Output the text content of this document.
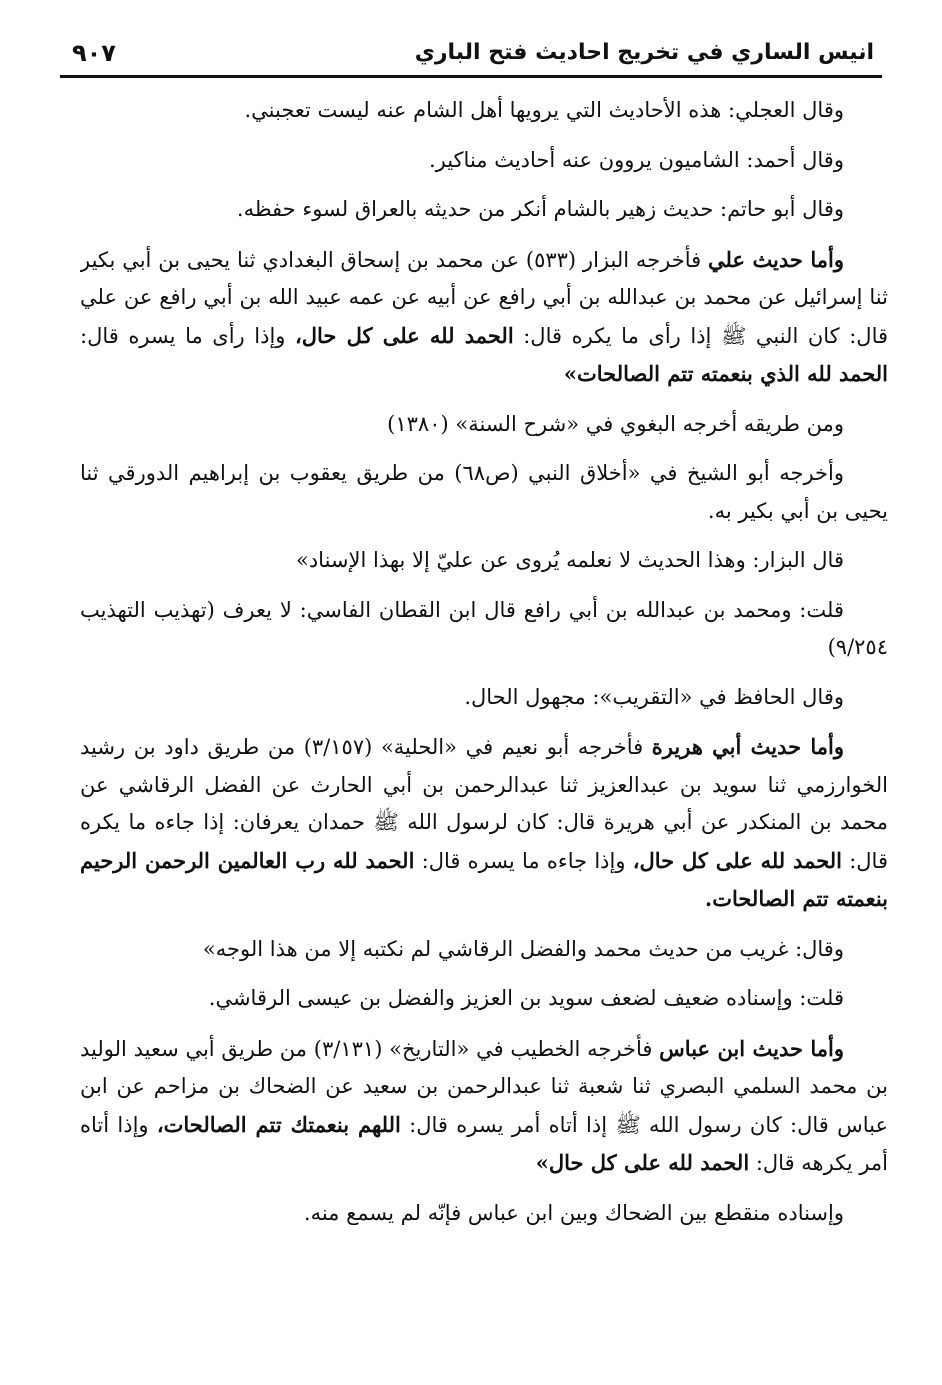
انيس الساري في تخريج احاديث فتح الباري
٩٠٧

وقال العجلي: هذه الأحاديث التي يرويها أهل الشام عنه ليست تعجبني.

وقال أحمد: الشاميون يروون عنه أحاديث مناكير.

وقال أبو حاتم: حديث زهير بالشام أنكر من حديثه بالعراق لسوء حفظه.

وأما حديث علي فأخرجه البزار (٥٣٣) عن محمد بن إسحاق البغدادي ثنا يحيى بن أبي بكير ثنا إسرائيل عن محمد بن عبدالله بن أبي رافع عن أبيه عن عمه عبيد الله بن أبي رافع عن علي قال: كان النبي ﷺ إذا رأى ما يكره قال: الحمد لله على كل حال، وإذا رأى ما يسره قال: الحمد لله الذي بنعمته تتم الصالحات»

ومن طريقه أخرجه البغوي في «شرح السنة» (١٣٨٠)

وأخرجه أبو الشيخ في «أخلاق النبي (ص٦٨) من طريق يعقوب بن إبراهيم الدورقي ثنا يحيى بن أبي بكير به.

قال البزار: وهذا الحديث لا نعلمه يُروى عن عليّ إلا بهذا الإسناد»

قلت: ومحمد بن عبدالله بن أبي رافع قال ابن القطان الفاسي: لا يعرف (تهذيب التهذيب ٩/٢٥٤)

وقال الحافظ في «التقريب»: مجهول الحال.

وأما حديث أبي هريرة فأخرجه أبو نعيم في «الحلية» (٣/١٥٧) من طريق داود بن رشيد الخوارزمي ثنا سويد بن عبدالعزيز ثنا عبدالرحمن بن أبي الحارث عن الفضل الرقاشي عن محمد بن المنكدر عن أبي هريرة قال: كان لرسول الله ﷺ حمدان يعرفان: إذا جاءه ما يكره قال: الحمد لله على كل حال، وإذا جاءه ما يسره قال: الحمد لله رب العالمين الرحمن الرحيم بنعمته تتم الصالحات.

وقال: غريب من حديث محمد والفضل الرقاشي لم نكتبه إلا من هذا الوجه»

قلت: وإسناده ضعيف لضعف سويد بن العزيز والفضل بن عيسى الرقاشي.

وأما حديث ابن عباس فأخرجه الخطيب في «التاريخ» (٣/١٣١) من طريق أبي سعيد الوليد بن محمد السلمي البصري ثنا شعبة ثنا عبدالرحمن بن سعيد عن الضحاك بن مزاحم عن ابن عباس قال: كان رسول الله ﷺ إذا أتاه أمر يسره قال: اللهم بنعمتك تتم الصالحات، وإذا أتاه أمر يكرهه قال: الحمد لله على كل حال»

وإسناده منقطع بين الضحاك وبين ابن عباس فإنّه لم يسمع منه.
